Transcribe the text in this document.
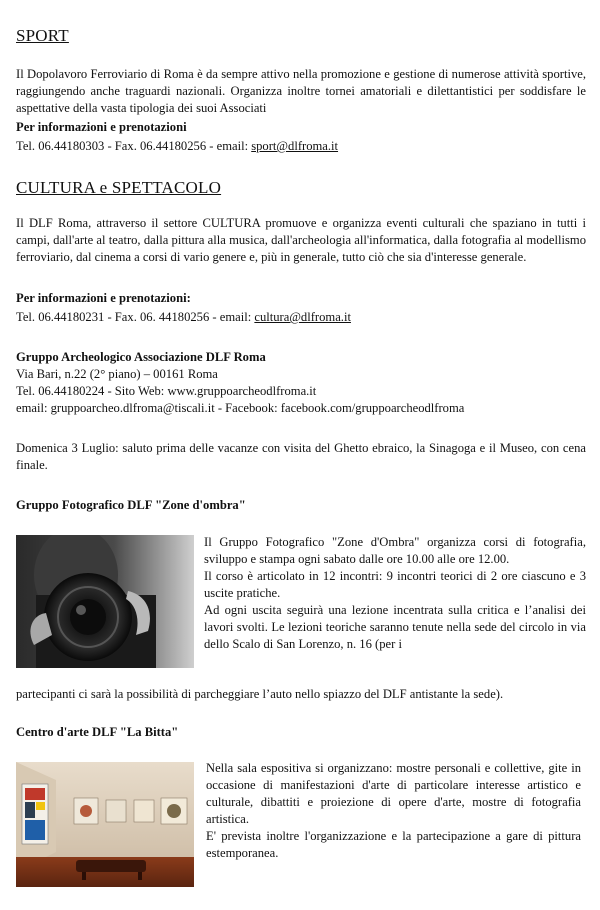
SPORT
Il Dopolavoro Ferroviario di Roma è da sempre attivo nella promozione e gestione di numerose attività sportive, raggiungendo anche traguardi nazionali. Organizza inoltre tornei amatoriali e dilettantistici per soddisfare le aspettative della vasta tipologia dei suoi Associati
Per informazioni e prenotazioni
Tel. 06.44180303 - Fax. 06.44180256 - email: sport@dlfroma.it
CULTURA e SPETTACOLO
Il DLF Roma, attraverso il settore CULTURA promuove e organizza eventi culturali che spaziano in tutti i campi, dall'arte al teatro, dalla pittura alla musica, dall'archeologia all'informatica, dalla fotografia al modellismo ferroviario, dal cinema a corsi di vario genere e, più in generale, tutto ciò che sia d'interesse generale.
Per informazioni e prenotazioni:
Tel. 06.44180231 - Fax. 06. 44180256 - email: cultura@dlfroma.it
Gruppo Archeologico Associazione DLF Roma
Via Bari, n.22 (2° piano) – 00161 Roma
Tel. 06.44180224 - Sito Web: www.gruppoarcheodlfroma.it
email: gruppoarcheo.dlfroma@tiscali.it - Facebook: facebook.com/gruppoarcheodlfroma
Domenica 3 Luglio: saluto prima delle vacanze con visita del Ghetto ebraico, la Sinagoga e il Museo, con cena finale.
Gruppo Fotografico DLF "Zone d'ombra"
Il Gruppo Fotografico "Zone d'Ombra" organizza corsi di fotografia, sviluppo e stampa ogni sabato dalle ore 10.00 alle ore 12.00.
Il corso è articolato in 12 incontri: 9 incontri teorici di 2 ore ciascuno e 3 uscite pratiche.
Ad ogni uscita seguirà una lezione incentrata sulla critica e l’analisi dei lavori svolti. Le lezioni teoriche saranno tenute nella sede del circolo in via dello Scalo di San Lorenzo, n. 16 (per i
partecipanti ci sarà la possibilità di parcheggiare l’auto nello spiazzo del DLF antistante la sede).
Centro d'arte DLF "La Bitta"
Nella sala espositiva si organizzano: mostre personali e collettive, gite in occasione di manifestazioni d'arte di particolare interesse artistico e culturale, dibattiti e proiezione di opere d'arte, mostre di fotografia artistica.
E' prevista inoltre l'organizzazione e la partecipazione a gare di pittura estemporanea.
